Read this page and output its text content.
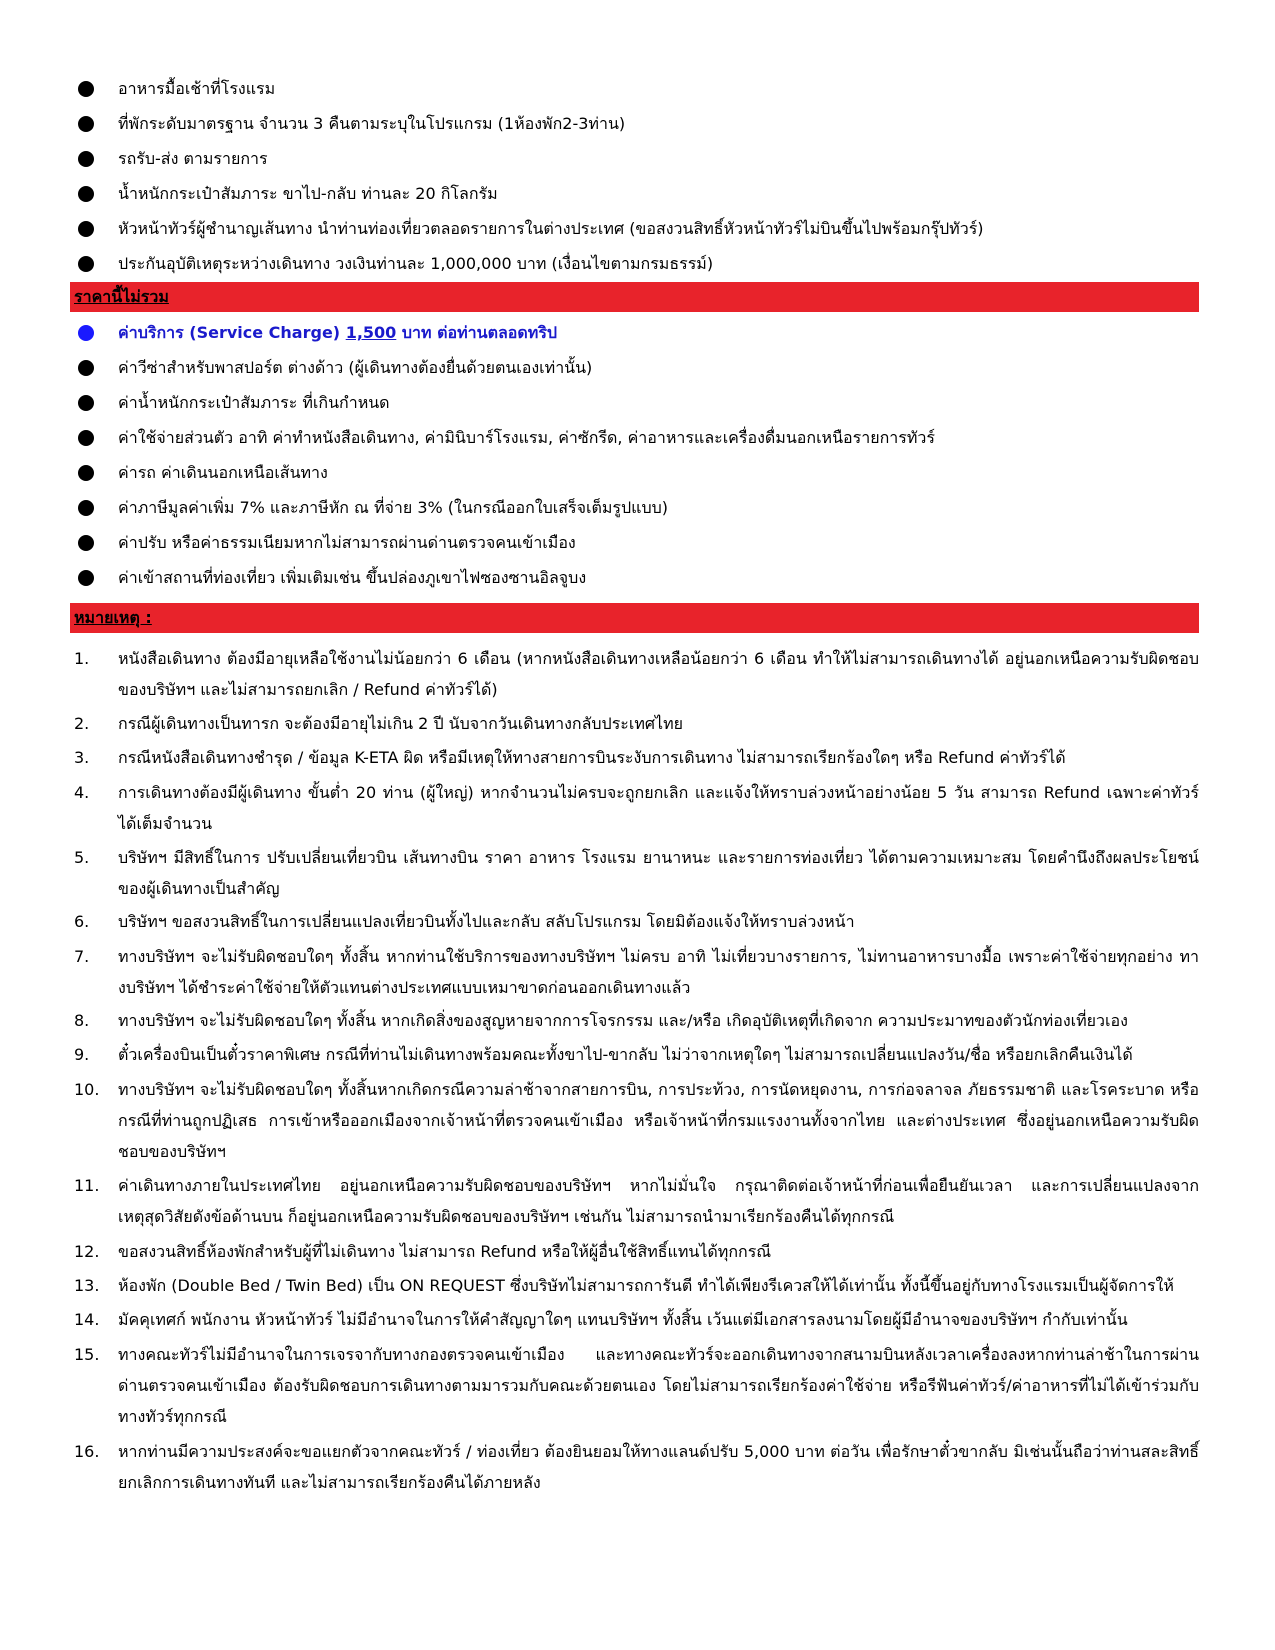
อาหารมื้อเช้าที่โรงแรม
ที่พักระดับมาตรฐาน จำนวน 3 คืนตามระบุในโปรแกรม (1ห้องพัก2-3ท่าน)
รถรับ-ส่ง ตามรายการ
น้ำหนักกระเป๋าสัมภาระ ขาไป-กลับ ท่านละ 20 กิโลกรัม
หัวหน้าทัวร์ผู้ชำนาญเส้นทาง นำท่านท่องเที่ยวตลอดรายการในต่างประเทศ (ขอสงวนสิทธิ์หัวหน้าทัวร์ไม่บินขึ้นไปพร้อมกรุ๊ปทัวร์)
ประกันอุบัติเหตุระหว่างเดินทาง วงเงินท่านละ 1,000,000 บาท (เงื่อนไขตามกรมธรรม์)
ราคานี้ไม่รวม
ค่าบริการ (Service Charge) 1,500 บาท ต่อท่านตลอดทริป
ค่าวีซ่าสำหรับพาสปอร์ต ต่างด้าว (ผู้เดินทางต้องยื่นด้วยตนเองเท่านั้น)
ค่าน้ำหนักกระเป๋าสัมภาระ ที่เกินกำหนด
ค่าใช้จ่ายส่วนตัว อาทิ ค่าทำหนังสือเดินทาง, ค่ามินิบาร์โรงแรม, ค่าซักรีด, ค่าอาหารและเครื่องดื่มนอกเหนือรายการทัวร์
ค่ารถ ค่าเดินนอกเหนือเส้นทาง
ค่าภาษีมูลค่าเพิ่ม 7% และภาษีหัก ณ ที่จ่าย 3% (ในกรณีออกใบเสร็จเต็มรูปแบบ)
ค่าปรับ หรือค่าธรรมเนียมหากไม่สามารถผ่านด่านตรวจคนเข้าเมือง
ค่าเข้าสถานที่ท่องเที่ยว เพิ่มเติมเช่น ขึ้นปล่องภูเขาไฟซองซานอิลจูบง
หมายเหตุ :
1. หนังสือเดินทาง ต้องมีอายุเหลือใช้งานไม่น้อยกว่า 6 เดือน (หากหนังสือเดินทางเหลือน้อยกว่า 6 เดือน ทำให้ไม่สามารถเดินทางได้ อยู่นอกเหนือความรับผิดชอบของบริษัทฯ และไม่สามารถยกเลิก / Refund ค่าทัวร์ได้)
2. กรณีผู้เดินทางเป็นทารก จะต้องมีอายุไม่เกิน 2 ปี นับจากวันเดินทางกลับประเทศไทย
3. กรณีหนังสือเดินทางชำรุด / ข้อมูล K-ETA ผิด หรือมีเหตุให้ทางสายการบินระงับการเดินทาง ไม่สามารถเรียกร้องใดๆ หรือ Refund ค่าทัวร์ได้
4. การเดินทางต้องมีผู้เดินทาง ขั้นต่ำ 20 ท่าน (ผู้ใหญ่) หากจำนวนไม่ครบจะถูกยกเลิก และแจ้งให้ทราบล่วงหน้าอย่างน้อย 5 วัน สามารถ Refund เฉพาะค่าทัวร์ได้เต็มจำนวน
5. บริษัทฯ มีสิทธิ์ในการ ปรับเปลี่ยนเที่ยวบิน เส้นทางบิน ราคา อาหาร โรงแรม ยานาหนะ และรายการท่องเที่ยว ได้ตามความเหมาะสม โดยคำนึงถึงผลประโยชน์ของผู้เดินทางเป็นสำคัญ
6. บริษัทฯ ขอสงวนสิทธิ์ในการเปลี่ยนแปลงเที่ยวบินทั้งไปและกลับ สลับโปรแกรม โดยมิต้องแจ้งให้ทราบล่วงหน้า
7. ทางบริษัทฯ จะไม่รับผิดชอบใดๆ ทั้งสิ้น หากท่านใช้บริการของทางบริษัทฯ ไม่ครบ อาทิ ไม่เที่ยวบางรายการ, ไม่ทานอาหารบางมื้อ เพราะค่าใช้จ่ายทุกอย่าง ทางบริษัทฯ ได้ชำระค่าใช้จ่ายให้ตัวแทนต่างประเทศแบบเหมาขาดก่อนออกเดินทางแล้ว
8. ทางบริษัทฯ จะไม่รับผิดชอบใดๆ ทั้งสิ้น หากเกิดสิ่งของสูญหายจากการโจรกรรม และ/หรือ เกิดอุบัติเหตุที่เกิดจาก ความประมาทของตัวนักท่องเที่ยวเอง
9. ตั๋วเครื่องบินเป็นตั๋วราคาพิเศษ กรณีที่ท่านไม่เดินทางพร้อมคณะทั้งขาไป-ขากลับ ไม่ว่าจากเหตุใดๆ ไม่สามารถเปลี่ยนแปลงวัน/ชื่อ หรือยกเลิกคืนเงินได้
10. ทางบริษัทฯ จะไม่รับผิดชอบใดๆ ทั้งสิ้นหากเกิดกรณีความล่าช้าจากสายการบิน, การประท้วง, การนัดหยุดงาน, การก่อจลาจล ภัยธรรมชาติ และโรคระบาด หรือกรณีที่ท่านถูกปฏิเสธ การเข้าหรือออกเมืองจากเจ้าหน้าที่ตรวจคนเข้าเมือง หรือเจ้าหน้าที่กรมแรงงานทั้งจากไทย และต่างประเทศ ซึ่งอยู่นอกเหนือความรับผิดชอบของบริษัทฯ
11. ค่าเดินทางภายในประเทศไทย อยู่นอกเหนือความรับผิดชอบของบริษัทฯ หากไม่มั่นใจ กรุณาติดต่อเจ้าหน้าที่ก่อนเพื่อยืนยันเวลา และการเปลี่ยนแปลงจากเหตุสุดวิสัยดังข้อด้านบน ก็อยู่นอกเหนือความรับผิดชอบของบริษัทฯ เช่นกัน ไม่สามารถนำมาเรียกร้องคืนได้ทุกกรณี
12. ขอสงวนสิทธิ์ห้องพักสำหรับผู้ที่ไม่เดินทาง ไม่สามารถ Refund หรือให้ผู้อื่นใช้สิทธิ์แทนได้ทุกกรณี
13. ห้องพัก (Double Bed / Twin Bed) เป็น ON REQUEST ซึ่งบริษัทไม่สามารถการันตี ทำได้เพียงรีเควสให้ได้เท่านั้น ทั้งนี้ขึ้นอยู่กับทางโรงแรมเป็นผู้จัดการให้
14. มัคคุเทศก์ พนักงาน หัวหน้าทัวร์ ไม่มีอำนาจในการให้คำสัญญาใดๆ แทนบริษัทฯ ทั้งสิ้น เว้นแต่มีเอกสารลงนามโดยผู้มีอำนาจของบริษัทฯ กำกับเท่านั้น
15. ทางคณะทัวร์ไม่มีอำนาจในการเจรจากับทางกองตรวจคนเข้าเมือง และทางคณะทัวร์จะออกเดินทางจากสนามบินหลังเวลาเครื่องลงหากท่านล่าช้าในการผ่านด่านตรวจคนเข้าเมือง ต้องรับผิดชอบการเดินทางตามมารวมกับคณะด้วยตนเอง โดยไม่สามารถเรียกร้องค่าใช้จ่าย หรือรีฟันค่าทัวร์/ค่าอาหารที่ไม่ได้เข้าร่วมกับทางทัวร์ทุกกรณี
16. หากท่านมีความประสงค์จะขอแยกตัวจากคณะทัวร์ / ท่องเที่ยว ต้องยินยอมให้ทางแลนด์ปรับ 5,000 บาท ต่อวัน เพื่อรักษาตั๋วขากลับ มิเช่นนั้นถือว่าท่านสละสิทธิ์ยกเลิกการเดินทางทันที และไม่สามารถเรียกร้องคืนได้ภายหลัง
